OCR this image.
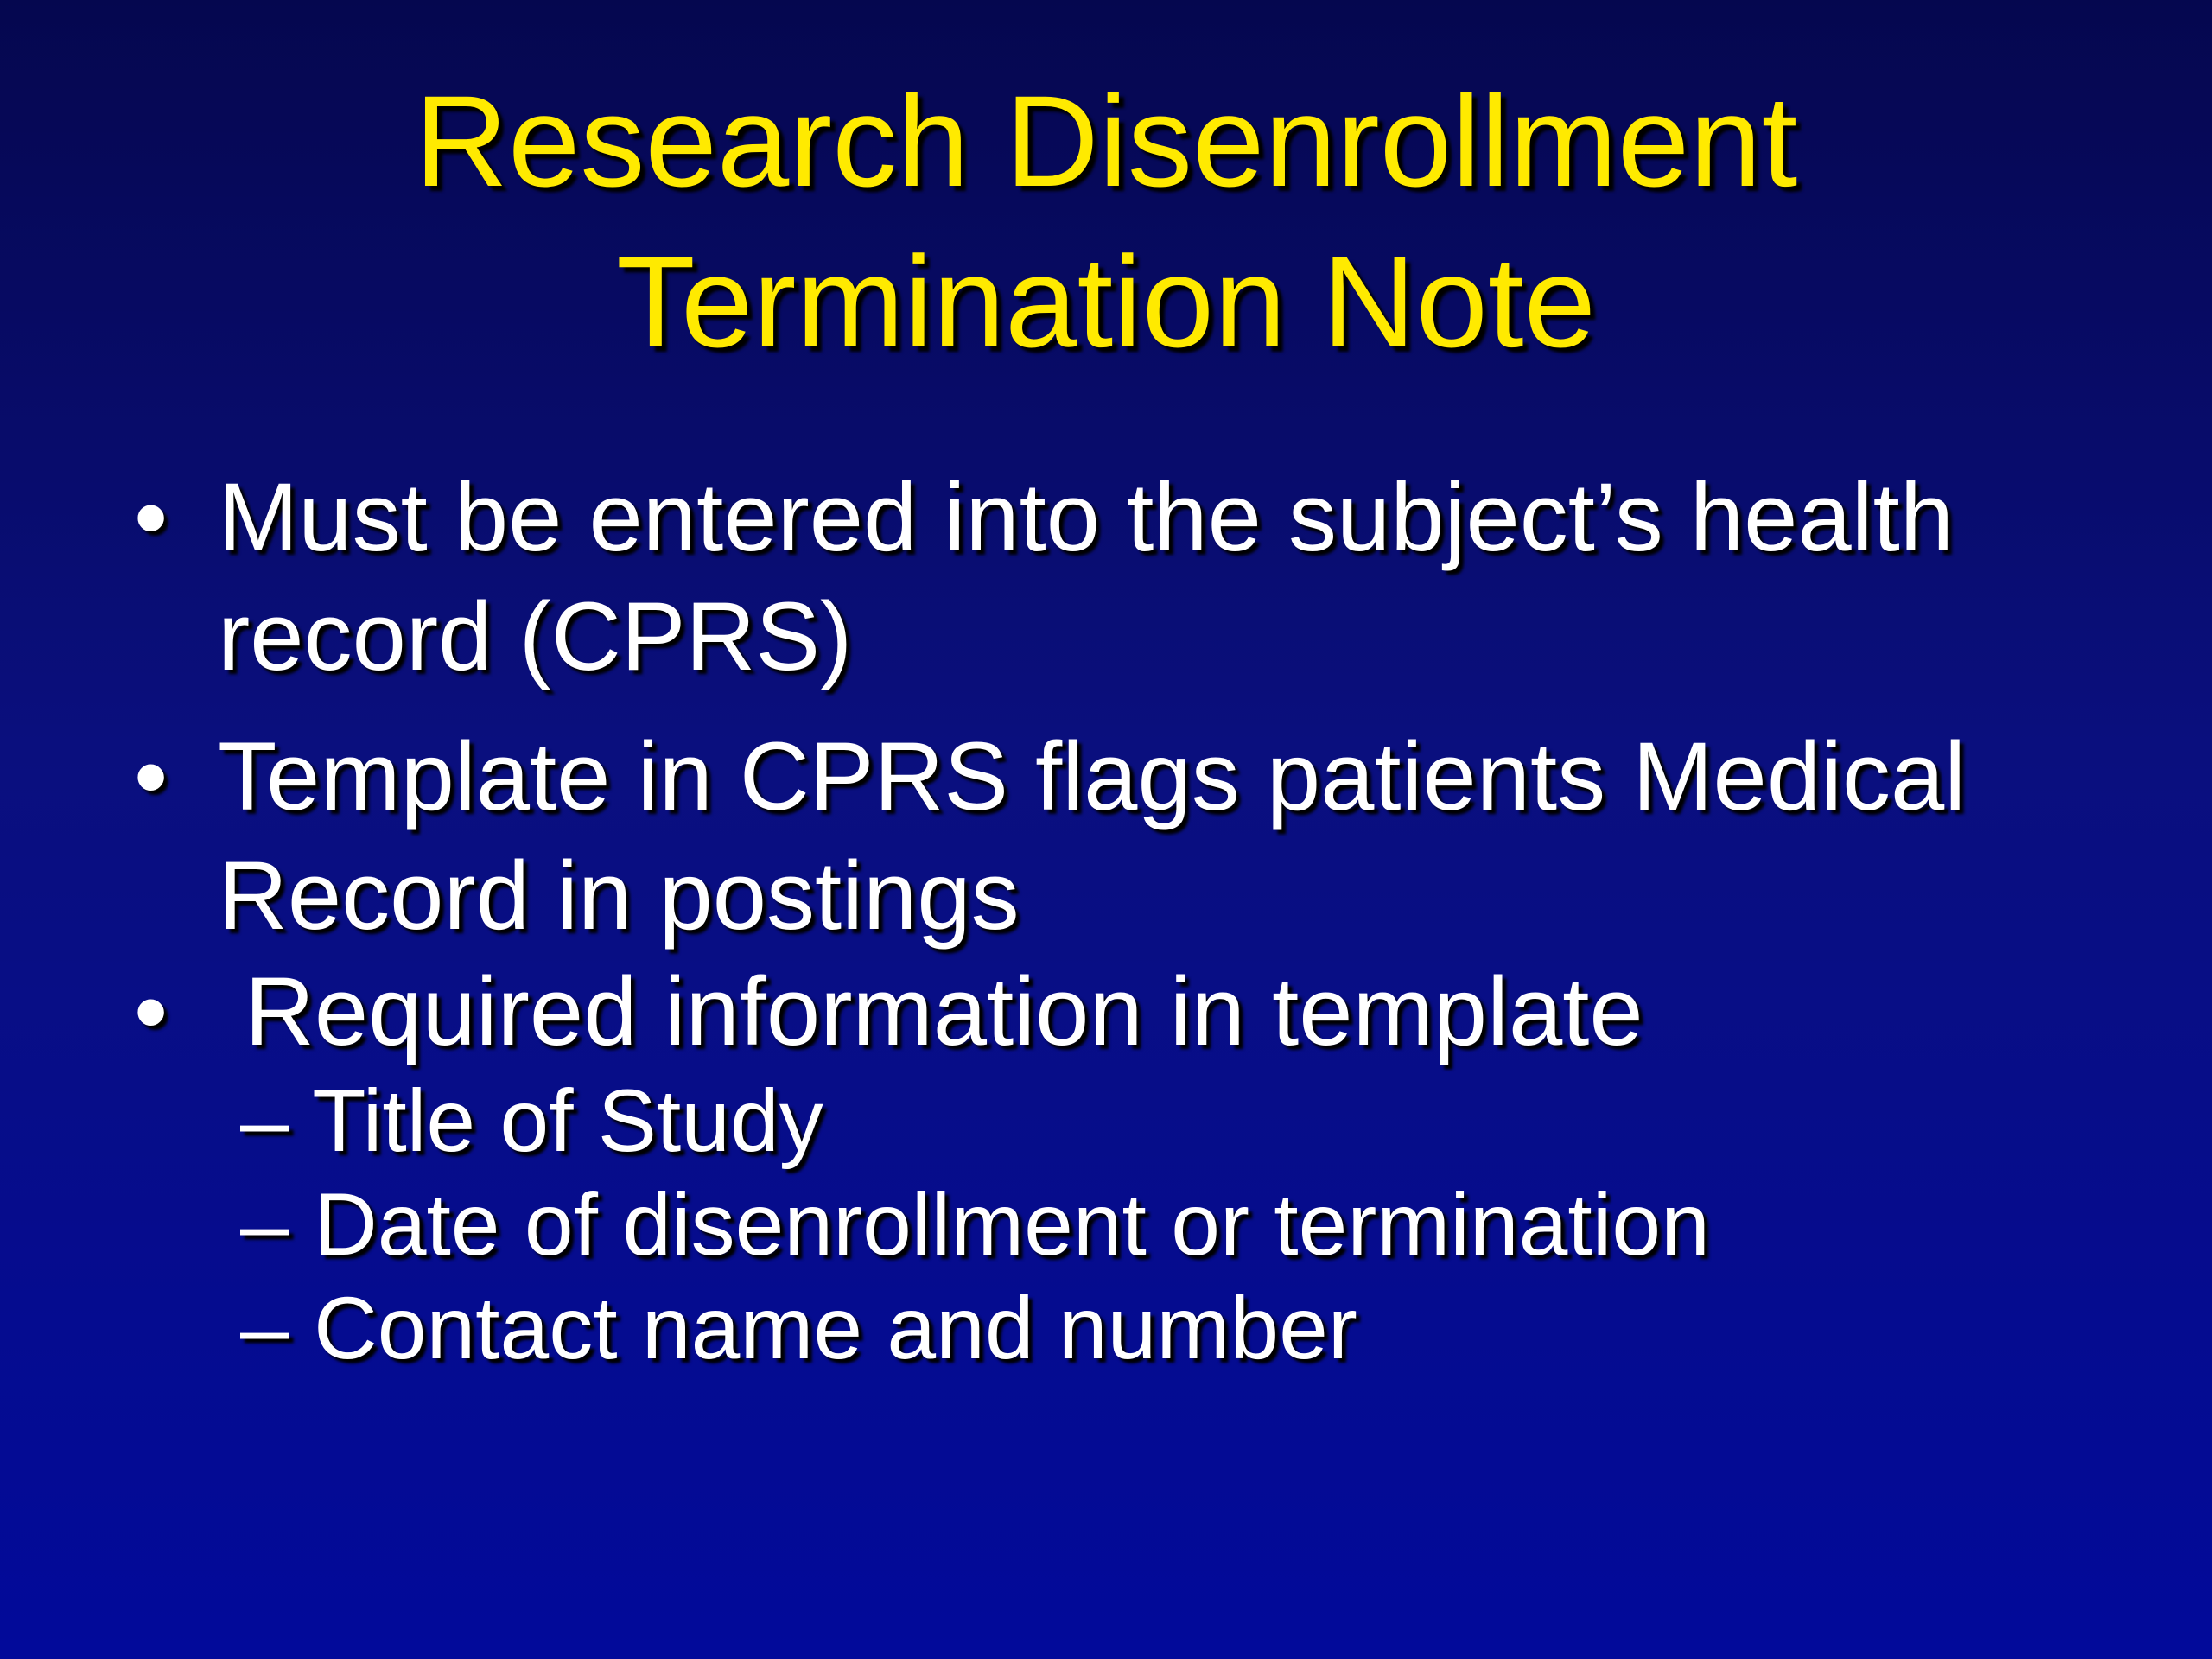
Research Disenrollment
Termination Note
• Must be entered into the subject’s health
record (CPRS)
• Template in CPRS flags patients Medical
Record in postings
• Required information in template
– Title of Study
– Date of disenrollment or termination
– Contact name and number
